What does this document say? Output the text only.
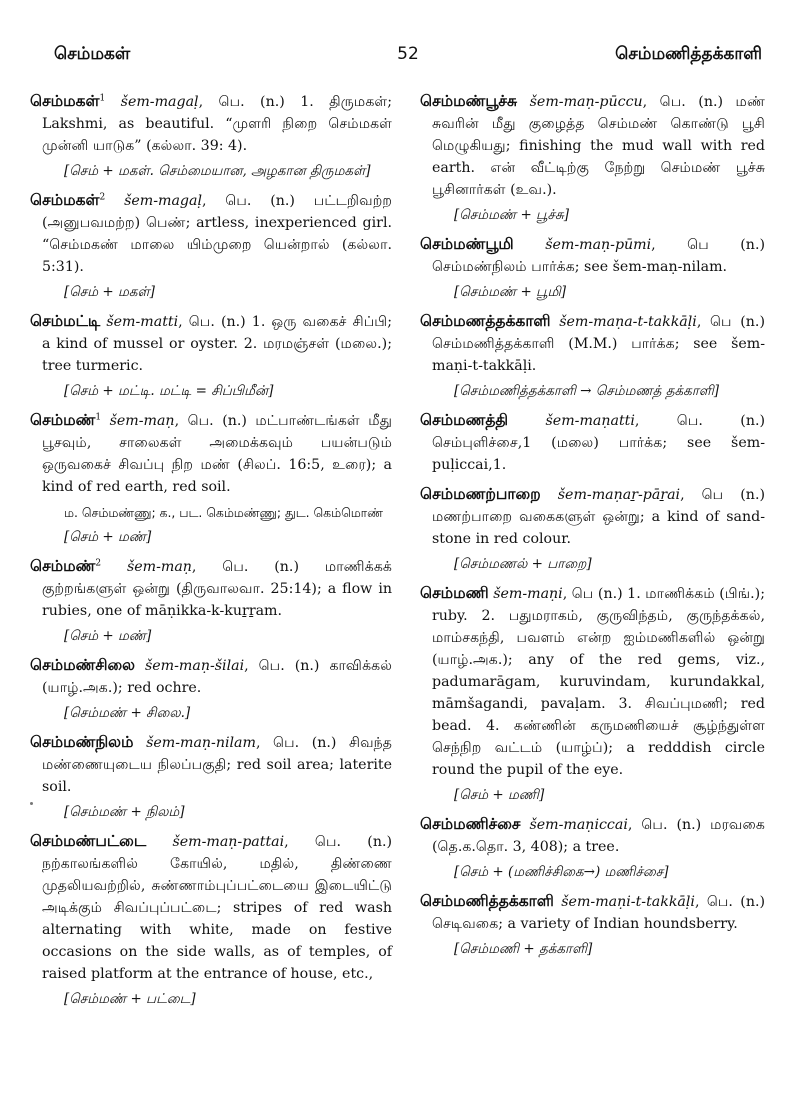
செம்மகள்	52	செம்மணித்தக்காளி
செம்மகள்$^1$ šem-magaḷ, பெ. (n.) 1. திருமகள்; Lakshmi, as beautiful. “முளரி நிறை செம்மகள் முன்னி யாடுக” (கல்லா. 39: 4).
[செம் + மகள். செம்மையான, அழகான திருமகள்]
செம்மகள்$^2$ šem-magaḷ, பெ. (n.) பட்டறிவற்ற (அனுபவமற்ற) பெண்; artless, inexperienced girl. “செம்மகண் மாலை யிம்முறை யென்றால் (கல்லா. 5:31).
[செம் + மகள்]
செம்மட்டி šem-matti, பெ. (n.) 1. ஒரு வகைச் சிப்பி; a kind of mussel or oyster. 2. மரமஞ்சள் (மலை.); tree turmeric.
[செம் + மட்டி. மட்டி = சிப்பிமீன்]
செம்மண்$^1$ šem-maṇ, பெ. (n.) மட்பாண்டங்கள் மீது பூசவும், சாலைகள் அமைக்கவும் பயன்படும் ஒருவகைச் சிவப்பு நிற மண் (சிலப். 16:5, உரை); a kind of red earth, red soil.
ம. செம்மண்ணு; க., பட. கெம்மண்ணு; துட. கெம்மொண்
[செம் + மண்]
செம்மண்$^2$ šem-maṇ, பெ. (n.) மாணிக்கக் குற்றங்களுள் ஒன்று (திருவாலவா. 25:14); a flow in rubies, one of māṇikka-k-kuṟṟam.
[செம் + மண்]
செம்மண்சிலை šem-maṇ-šilai, பெ. (n.) காவிக்கல் (யாழ்.அக.); red ochre.
[செம்மண் + சிலை.]
செம்மண்நிலம் šem-maṇ-nilam, பெ. (n.) சிவந்த மண்ணையுடைய நிலப்பகுதி; red soil area; laterite soil.
[செம்மண் + நிலம்]
செம்மண்பட்டை šem-maṇ-pattai, பெ. (n.) நற்காலங்களில் கோயில், மதில், திண்ணை முதலியவற்றில், சுண்ணாம்புப்பட்டையை இடையிட்டு அடிக்கும் சிவப்புப்பட்டை; stripes of red wash alternating with white, made on festive occasions on the side walls, as of temples, of raised platform at the entrance of house, etc.,
[செம்மண் + பட்டை]
செம்மண்பூச்சு šem-maṇ-pūccu, பெ. (n.) மண் சுவரின் மீது குழைத்த செம்மண் கொண்டு பூசி மெழுகியது; finishing the mud wall with red earth. என் வீட்டிற்கு நேற்று செம்மண் பூச்சு பூசினார்கள் (உவ.).
[செம்மண் + பூச்சு]
செம்மண்பூமி šem-maṇ-pūmi, பெ (n.) செம்மண்நிலம் பார்க்க; see šem-maṇ-nilam.
[செம்மண் + பூமி]
செம்மணத்தக்காளி šem-maṇa-t-takkāḷi, பெ (n.) செம்மணித்தக்காளி (M.M.) பார்க்க; see šem-maṇi-t-takkāḷi.
[செம்மணித்தக்காளி → செம்மணத் தக்காளி]
செம்மணத்தி	šem-maṇatti, பெ. (n.) செம்புளிச்சை,1 (மலை) பார்க்க; see šem-puḷiccai,1.
செம்மணற்பாறை šem-maṇaṟ-pāṟai, பெ (n.) மணற்பாறை வகைகளுள் ஒன்று; a kind of sand-stone in red colour.
[செம்மணல் + பாறை]
செம்மணி šem-maṇi, பெ (n.) 1. மாணிக்கம் (பிங்.); ruby. 2. பதுமராகம், குருவிந்தம், குருந்தக்கல், மாம்சகந்தி, பவளம் என்ற ஐம்மணிகளில் ஒன்று (யாழ்.அக.); any of the red gems, viz., padumarāgam, kuruvindam, kurundakkal, māmšagandi, pavaḷam. 3. சிவப்புமணி; red bead. 4. கண்ணின் கருமணியைச் சூழ்ந்துள்ள செந்நிற வட்டம் (யாழ்ப்); a redddish circle round the pupil of the eye.
[செம் + மணி]
செம்மணிச்சை šem-maṇiccai, பெ. (n.) மரவகை (தெ.க.தொ. 3, 408); a tree.
[செம் + (மணிச்சிகை→) மணிச்சை]
செம்மணித்தக்காளி šem-maṇi-t-takkāḷi, பெ. (n.) செடிவகை; a variety of Indian houndsberry.
[செம்மணி + தக்காளி]
